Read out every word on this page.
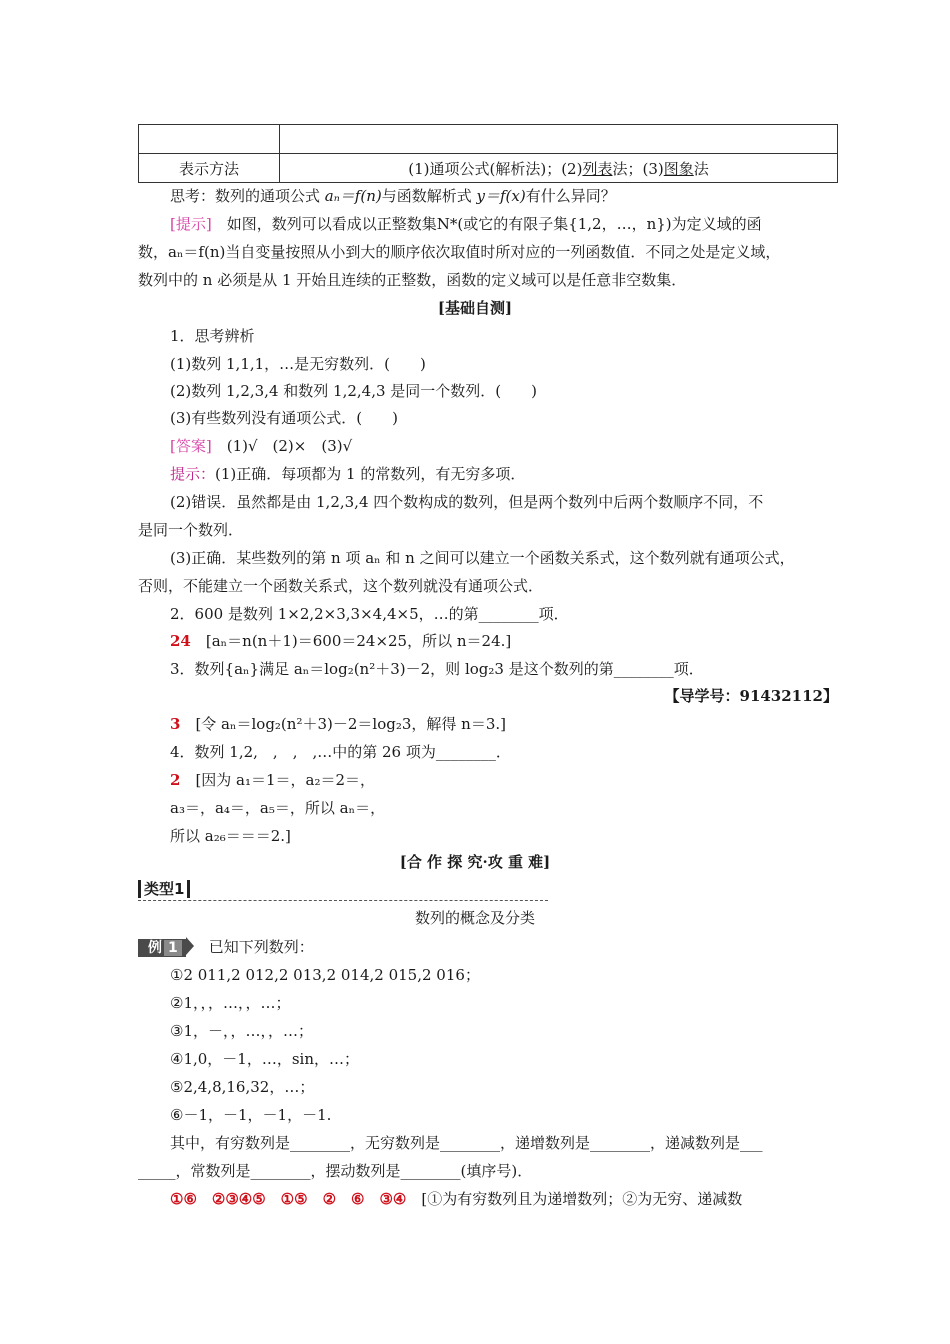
表示方法	(1)通项公式(解析法)；(2)列表法；(3)图象法
思考：数列的通项公式 aₙ＝f(n)与函数解析式 y＝f(x)有什么异同？
[提示]　如图，数列可以看成以正整数集N*(或它的有限子集{1,2，…，n})为定义域的函
数，aₙ＝f(n)当自变量按照从小到大的顺序依次取值时所对应的一列函数值．不同之处是定义域，
数列中的 n 必须是从 1 开始且连续的正整数，函数的定义域可以是任意非空数集．
[基础自测]
1．思考辨析
(1)数列 1,1,1，…是无穷数列．(　　)
(2)数列 1,2,3,4 和数列 1,2,4,3 是同一个数列．(　　)
(3)有些数列没有通项公式．(　　)
[答案]　(1)√　(2)×　(3)√
提示：(1)正确．每项都为 1 的常数列，有无穷多项．
(2)错误．虽然都是由 1,2,3,4 四个数构成的数列，但是两个数列中后两个数顺序不同，不
是同一个数列．
(3)正确．某些数列的第 n 项 aₙ 和 n 之间可以建立一个函数关系式，这个数列就有通项公式，
否则，不能建立一个函数关系式，这个数列就没有通项公式．
2．600 是数列 1×2,2×3,3×4,4×5，…的第________项．
24　[aₙ＝n(n＋1)＝600＝24×25，所以 n＝24.]
3．数列{aₙ}满足 aₙ＝log₂(n²＋3)－2，则 log₂3 是这个数列的第________项．
【导学号：91432112】
3　[令 aₙ＝log₂(n²＋3)－2＝log₂3，解得 n＝3.]
4．数列 1,2,　,　,　,…中的第 26 项为________．
2　[因为 a₁＝1＝，a₂＝2＝，
a₃＝，a₄＝，a₅＝，所以 aₙ＝，
所以 a₂₆＝＝＝2.]
[合 作 探 究·攻 重 难]
类型1
数列的概念及分类
例 1　已知下列数列：
①2 011,2 012,2 013,2 014,2 015,2 016；
②1，，，…，，…；
③1，－，，…，，…；
④1,0，－1，…，sin，…；
⑤2,4,8,16,32，…；
⑥－1，－1，－1，－1.
其中，有穷数列是________，无穷数列是________，递增数列是________，递减数列是___
_____，常数列是________，摆动数列是________(填序号)．
①⑥　②③④⑤　①⑤　②　⑥　③④　[①为有穷数列且为递增数列；②为无穷、递减数
